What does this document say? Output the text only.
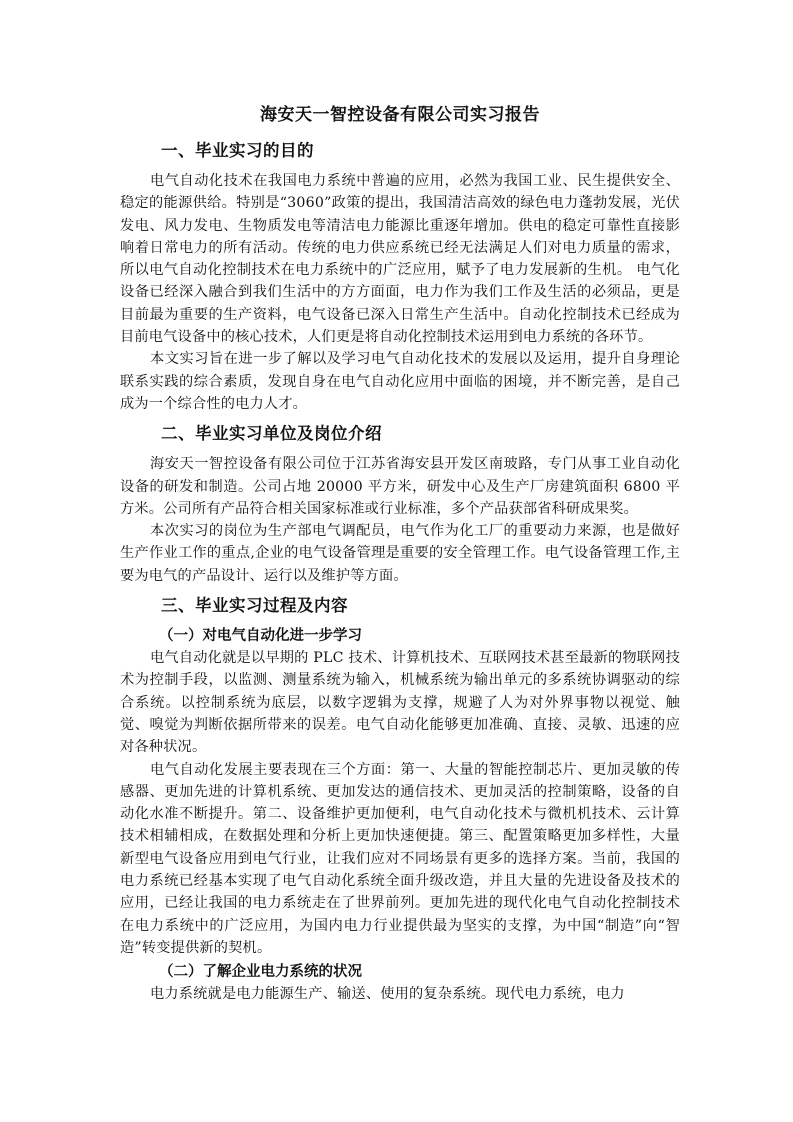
海安天一智控设备有限公司实习报告
一、毕业实习的目的

电气自动化技术在我国电力系统中普遍的应用，必然为我国工业、民生提供安全、稳定的能源供给。特别是“3060”政策的提出，我国清洁高效的绿色电力蓬勃发展，光伏发电、风力发电、生物质发电等清洁电力能源比重逐年增加。供电的稳定可靠性直接影响着日常电力的所有活动。传统的电力供应系统已经无法满足人们对电力质量的需求，所以电气自动化控制技术在电力系统中的广泛应用，赋予了电力发展新的生机。 电气化设备已经深入融合到我们生活中的方方面面，电力作为我们工作及生活的必须品，更是目前最为重要的生产资料，电气设备已深入日常生产生活中。自动化控制技术已经成为目前电气设备中的核心技术，人们更是将自动化控制技术运用到电力系统的各环节。

本文实习旨在进一步了解以及学习电气自动化技术的发展以及运用，提升自身理论联系实践的综合素质，发现自身在电气自动化应用中面临的困境，并不断完善，是自己成为一个综合性的电力人才。

二、毕业实习单位及岗位介绍

海安天一智控设备有限公司位于江苏省海安县开发区南玻路，专门从事工业自动化设备的研发和制造。公司占地 20000 平方米，研发中心及生产厂房建筑面积 6800 平方米。公司所有产品符合相关国家标准或行业标准，多个产品获部省科研成果奖。

本次实习的岗位为生产部电气调配员，电气作为化工厂的重要动力来源，也是做好生产作业工作的重点,企业的电气设备管理是重要的安全管理工作。电气设备管理工作,主要为电气的产品设计、运行以及维护等方面。

三、毕业实习过程及内容
（一）对电气自动化进一步学习

电气自动化就是以早期的 PLC 技术、计算机技术、互联网技术甚至最新的物联网技术为控制手段，以监测、测量系统为输入，机械系统为输出单元的多系统协调驱动的综合系统。以控制系统为底层，以数字逻辑为支撑，规避了人为对外界事物以视觉、触觉、嗅觉为判断依据所带来的误差。电气自动化能够更加准确、直接、灵敏、迅速的应对各种状况。

电气自动化发展主要表现在三个方面：第一、大量的智能控制芯片、更加灵敏的传感器、更加先进的计算机系统、更加发达的通信技术、更加灵活的控制策略，设备的自动化水准不断提升。第二、设备维护更加便利，电气自动化技术与微机机技术、云计算技术相辅相成，在数据处理和分析上更加快速便捷。第三、配置策略更加多样性，大量新型电气设备应用到电气行业，让我们应对不同场景有更多的选择方案。当前，我国的电力系统已经基本实现了电气自动化系统全面升级改造，并且大量的先进设备及技术的应用，已经让我国的电力系统走在了世界前列。更加先进的现代化电气自动化控制技术在电力系统中的广泛应用，为国内电力行业提供最为坚实的支撑，为中国“制造”向“智造”转变提供新的契机。

（二）了解企业电力系统的状况

电力系统就是电力能源生产、输送、使用的复杂系统。现代电力系统，电力
